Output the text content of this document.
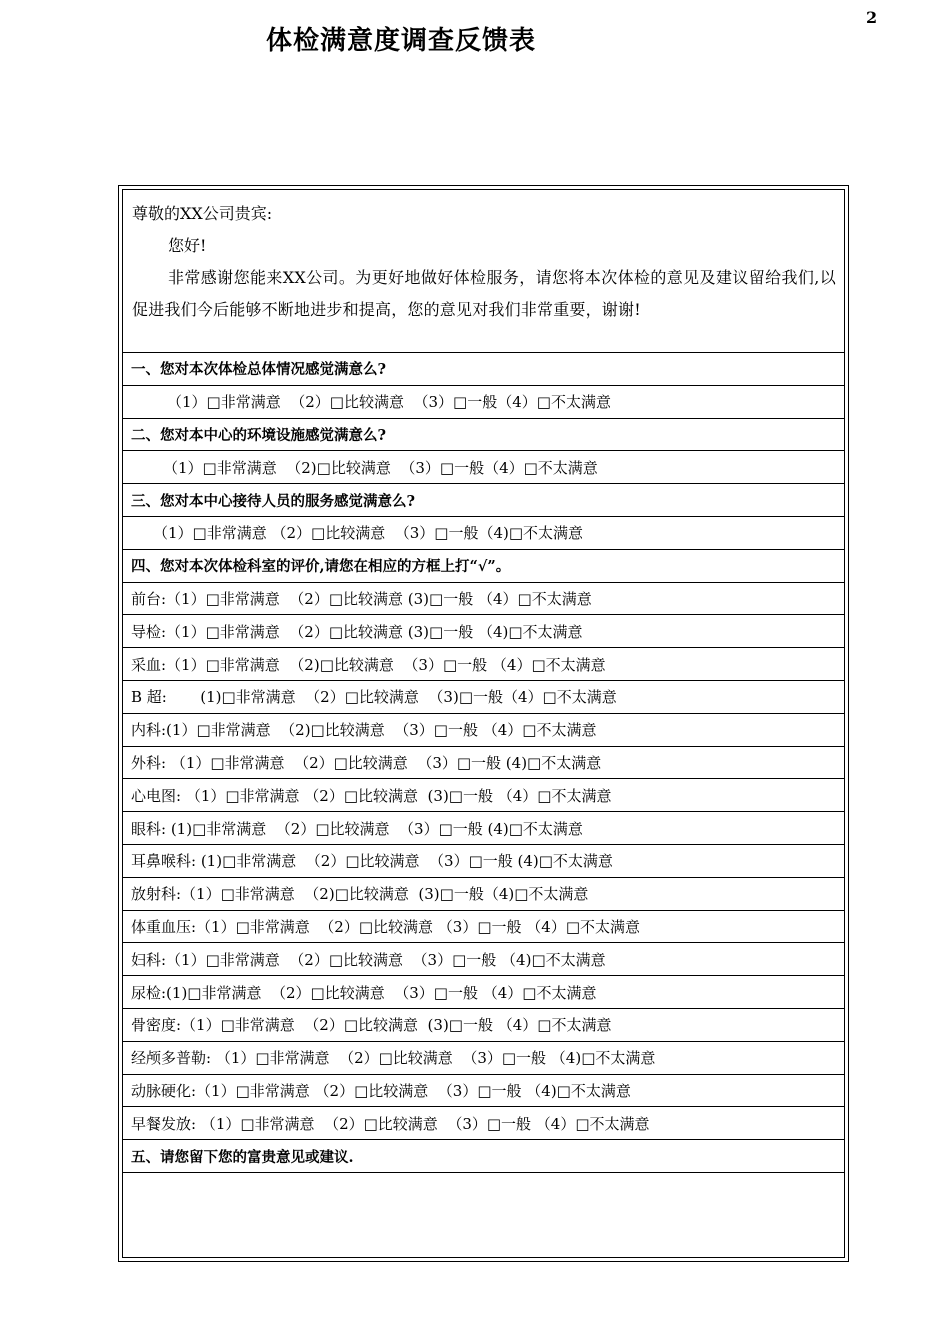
2
体检满意度调查反馈表

尊敬的XX公司贵宾:

您好!

非常感谢您能来XX公司。为更好地做好体检服务，请您将本次体检的意见及建议留给我们,以促进我们今后能够不断地进步和提高，您的意见对我们非常重要，谢谢!

一、您对本次体检总体情况感觉满意么?
（1）□非常满意  （2）□比较满意  （3）□一般（4）□不太满意
二、您对本中心的环境设施感觉满意么?
（1）□非常满意  （2)□比较满意  （3）□一般（4）□不太满意
三、您对本中心接待人员的服务感觉满意么?
（1）□非常满意 （2）□比较满意  （3）□一般（4)□不太满意
四、您对本次体检科室的评价,请您在相应的方框上打“√”。
前台:（1）□非常满意  （2）□比较满意 (3)□一般 （4）□不太满意
导检:（1）□非常满意  （2）□比较满意 (3)□一般 （4)□不太满意
采血:（1）□非常满意  （2)□比较满意  （3）□一般 （4）□不太满意
B 超:       (1)□非常满意  （2）□比较满意  （3)□一般（4）□不太满意
内科:(1）□非常满意  （2)□比较满意  （3）□一般 （4）□不太满意
外科: （1）□非常满意  （2）□比较满意  （3）□一般 (4)□不太满意
心电图: （1）□非常满意 （2）□比较满意  (3)□一般 （4）□不太满意
眼科: (1)□非常满意  （2）□比较满意  （3）□一般 (4)□不太满意
耳鼻喉科: (1)□非常满意  （2）□比较满意  （3）□一般 (4)□不太满意
放射科:（1）□非常满意  （2)□比较满意  (3)□一般（4)□不太满意
体重血压:（1）□非常满意  （2）□比较满意 （3）□一般 （4）□不太满意
妇科:（1）□非常满意  （2）□比较满意  （3）□一般 （4)□不太满意
尿检:(1)□非常满意  （2）□比较满意  （3）□一般 （4）□不太满意
骨密度:（1）□非常满意  （2）□比较满意  (3)□一般 （4）□不太满意
经颅多普勒: （1）□非常满意  （2）□比较满意  （3）□一般 （4)□不太满意
动脉硬化:（1）□非常满意 （2）□比较满意  （3）□一般 （4)□不太满意
早餐发放: （1）□非常满意  （2）□比较满意  （3）□一般 （4）□不太满意
五、请您留下您的富贵意见或建议.
